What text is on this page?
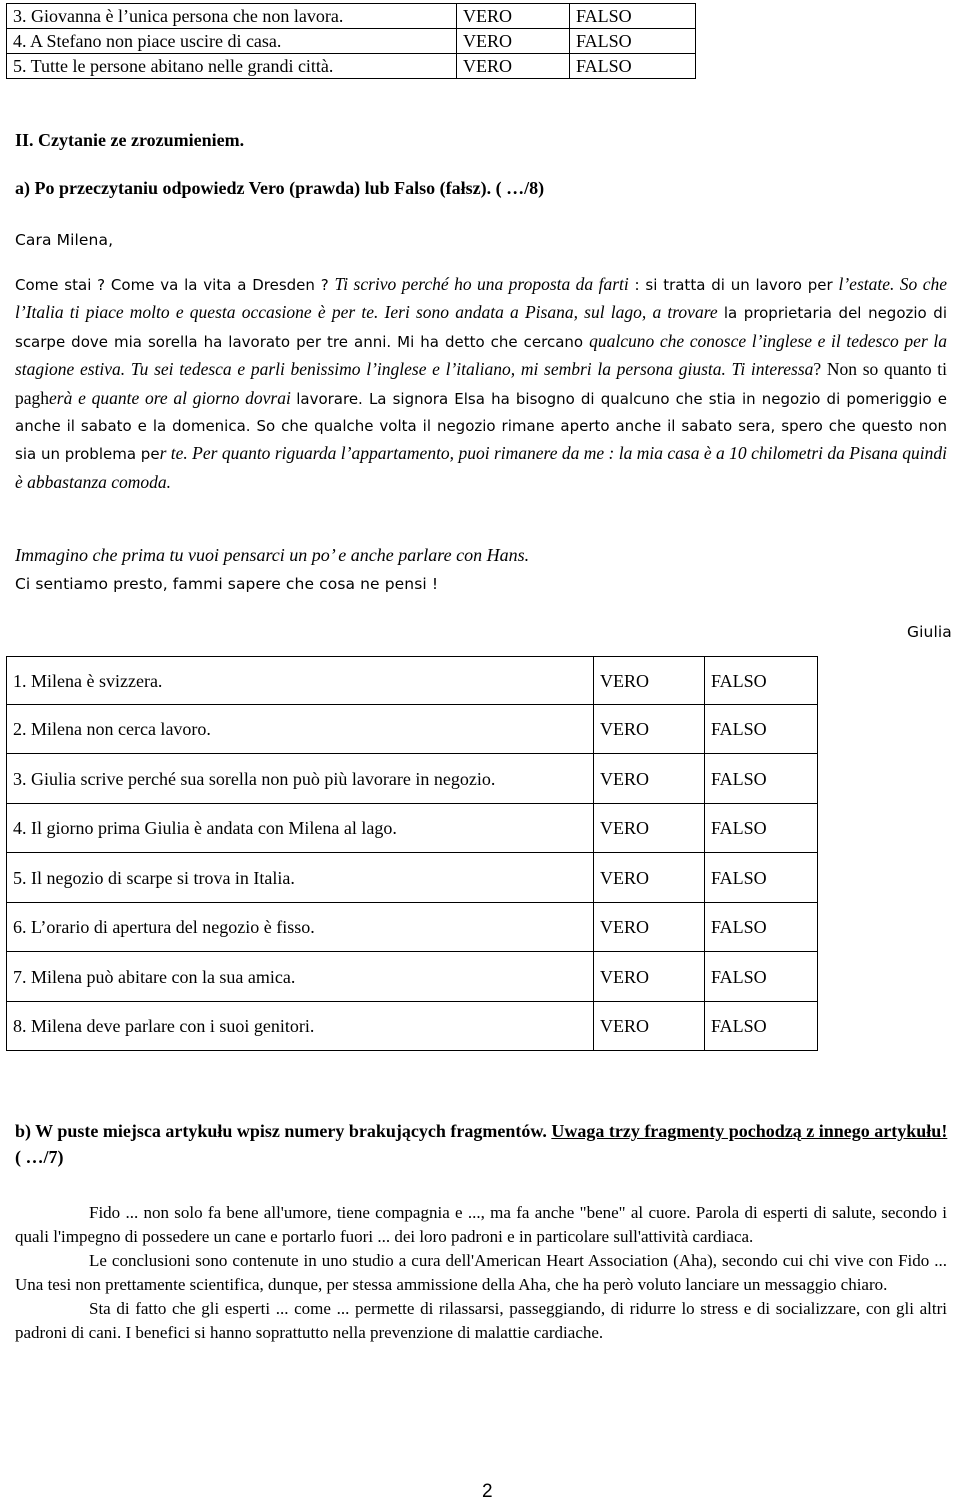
3. Giovanna è l’unica persona che non lavora.	VERO	FALSO
4. A Stefano non piace uscire di casa.	VERO	FALSO
5. Tutte le persone abitano nelle grandi città.	VERO	FALSO
II. Czytanie ze zrozumieniem.
a) Po przeczytaniu odpowiedz Vero (prawda) lub Falso (fałsz). ( …/8)
Cara Milena,
Come stai ? Come va la vita a Dresden ? Ti scrivo perché ho una proposta da farti : si tratta di un lavoro per l’estate. So che l’Italia ti piace molto e questa occasione è per te. Ieri sono andata a Pisana, sul lago, a trovare la proprietaria del negozio di scarpe dove mia sorella ha lavorato per tre anni. Mi ha detto che cercano qualcuno che conosce l’inglese e il tedesco per la stagione estiva. Tu sei tedesca e parli benissimo l’inglese e l’italiano, mi sembri la persona giusta. Ti interessa? Non so quanto ti pagherà e quante ore al giorno dovrai lavorare. La signora Elsa ha bisogno di qualcuno che stia in negozio di pomeriggio e anche il sabato e la domenica. So che qualche volta il negozio rimane aperto anche il sabato sera, spero che questo non sia un problema per te. Per quanto riguarda l’appartamento, puoi rimanere da me : la mia casa è a 10 chilometri da Pisana quindi è abbastanza comoda.
Immagino che prima tu vuoi pensarci un po’ e anche parlare con Hans.
Ci sentiamo presto, fammi sapere che cosa ne pensi !
Giulia
1. Milena è svizzera.	VERO	FALSO
2. Milena non cerca lavoro.	VERO	FALSO
3. Giulia scrive perché sua sorella non può più lavorare in negozio.	VERO	FALSO
4. Il giorno prima Giulia è andata con Milena al lago.	VERO	FALSO
5. Il negozio di scarpe si trova in Italia.	VERO	FALSO
6. L’orario di apertura del negozio è fisso.	VERO	FALSO
7. Milena può abitare con la sua amica.	VERO	FALSO
8. Milena deve parlare con i suoi genitori.	VERO	FALSO
b) W puste miejsca artykułu wpisz numery brakujących fragmentów. Uwaga trzy fragmenty pochodzą z innego artykułu! ( …/7)
Fido ... non solo fa bene all'umore, tiene compagnia e ..., ma fa anche "bene" al cuore. Parola di esperti di salute, secondo i quali l'impegno di possedere un cane e portarlo fuori ... dei loro padroni e in particolare sull'attività cardiaca.
Le conclusioni sono contenute in uno studio a cura dell'American Heart Association (Aha), secondo cui chi vive con Fido ... Una tesi non prettamente scientifica, dunque, per stessa ammissione della Aha, che ha però voluto lanciare un messaggio chiaro.
Sta di fatto che gli esperti ... come ... permette di rilassarsi, passeggiando, di ridurre lo stress e di socializzare, con gli altri padroni di cani. I benefici si hanno soprattutto nella prevenzione di malattie cardiache.
2
